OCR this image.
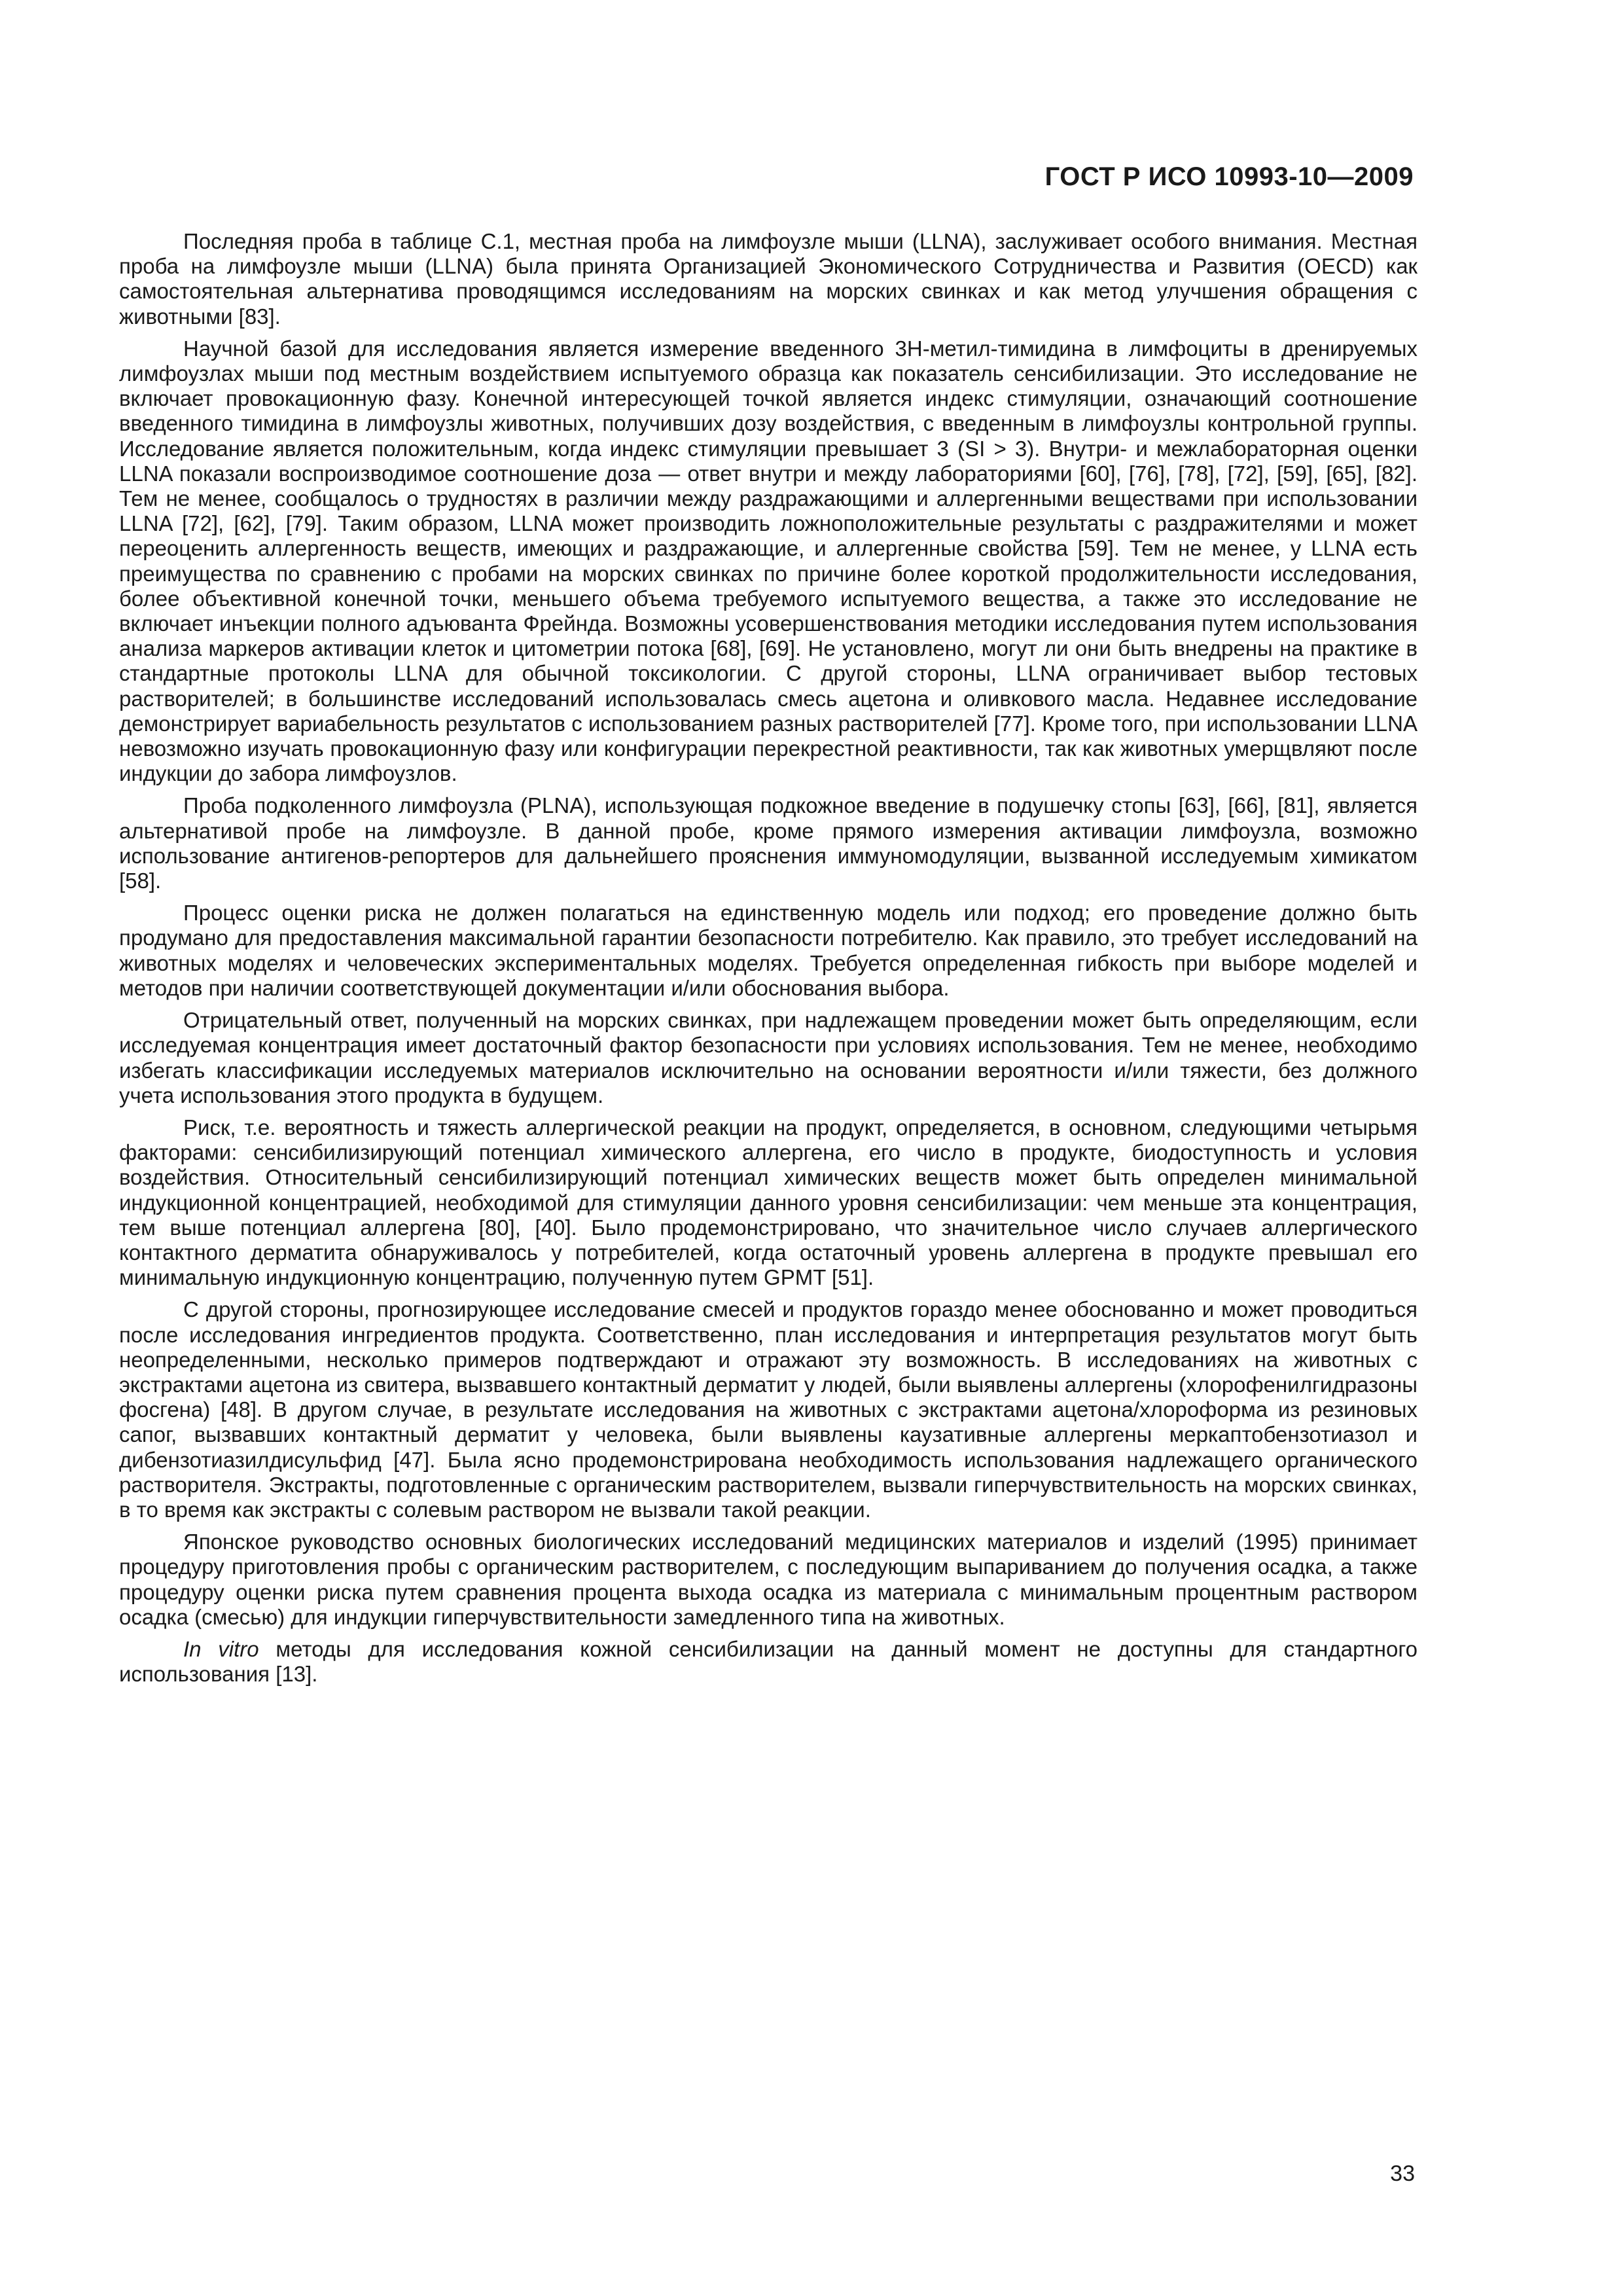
ГОСТ Р ИСО 10993-10—2009

Последняя проба в таблице С.1, местная проба на лимфоузле мыши (LLNA), заслуживает особого внимания. Местная проба на лимфоузле мыши (LLNA) была принята Организацией Экономического Сотрудничества и Развития (OECD) как самостоятельная альтернатива проводящимся исследованиям на морских свинках и как метод улучшения обращения с животными [83].

Научной базой для исследования является измерение введенного 3Н-метил-тимидина в лимфоциты в дренируемых лимфоузлах мыши под местным воздействием испытуемого образца как показатель сенсибилизации. Это исследование не включает провокационную фазу. Конечной интересующей точкой является индекс стимуляции, означающий соотношение введенного тимидина в лимфоузлы животных, получивших дозу воздействия, с введенным в лимфоузлы контрольной группы. Исследование является положительным, когда индекс стимуляции превышает 3 (SI > 3). Внутри- и межлабораторная оценки LLNA показали воспроизводимое соотношение доза — ответ внутри и между лабораториями [60], [76], [78], [72], [59], [65], [82]. Тем не менее, сообщалось о трудностях в различии между раздражающими и аллергенными веществами при использовании LLNA [72], [62], [79]. Таким образом, LLNA может производить ложноположительные результаты с раздражителями и может переоценить аллергенность веществ, имеющих и раздражающие, и аллергенные свойства [59]. Тем не менее, у LLNA есть преимущества по сравнению с пробами на морских свинках по причине более короткой продолжительности исследования, более объективной конечной точки, меньшего объема требуемого испытуемого вещества, а также это исследование не включает инъекции полного адъюванта Фрейнда. Возможны усовершенствования методики исследования путем использования анализа маркеров активации клеток и цитометрии потока [68], [69]. Не установлено, могут ли они быть внедрены на практике в стандартные протоколы LLNA для обычной токсикологии. С другой стороны, LLNA ограничивает выбор тестовых растворителей; в большинстве исследований использовалась смесь ацетона и оливкового масла. Недавнее исследование демонстрирует вариабельность результатов с использованием разных растворителей [77]. Кроме того, при использовании LLNA невозможно изучать провокационную фазу или конфигурации перекрестной реактивности, так как животных умерщвляют после индукции до забора лимфоузлов.

Проба подколенного лимфоузла (PLNA), использующая подкожное введение в подушечку стопы [63], [66], [81], является альтернативой пробе на лимфоузле. В данной пробе, кроме прямого измерения активации лимфоузла, возможно использование антигенов-репортеров для дальнейшего прояснения иммуномодуляции, вызванной исследуемым химикатом [58].

Процесс оценки риска не должен полагаться на единственную модель или подход; его проведение должно быть продумано для предоставления максимальной гарантии безопасности потребителю. Как правило, это требует исследований на животных моделях и человеческих экспериментальных моделях. Требуется определенная гибкость при выборе моделей и методов при наличии соответствующей документации и/или обоснования выбора.

Отрицательный ответ, полученный на морских свинках, при надлежащем проведении может быть определяющим, если исследуемая концентрация имеет достаточный фактор безопасности при условиях использования. Тем не менее, необходимо избегать классификации исследуемых материалов исключительно на основании вероятности и/или тяжести, без должного учета использования этого продукта в будущем.

Риск, т.е. вероятность и тяжесть аллергической реакции на продукт, определяется, в основном, следующими четырьмя факторами: сенсибилизирующий потенциал химического аллергена, его число в продукте, биодоступность и условия воздействия. Относительный сенсибилизирующий потенциал химических веществ может быть определен минимальной индукционной концентрацией, необходимой для стимуляции данного уровня сенсибилизации: чем меньше эта концентрация, тем выше потенциал аллергена [80], [40]. Было продемонстрировано, что значительное число случаев аллергического контактного дерматита обнаруживалось у потребителей, когда остаточный уровень аллергена в продукте превышал его минимальную индукционную концентрацию, полученную путем GPMT [51].

С другой стороны, прогнозирующее исследование смесей и продуктов гораздо менее обоснованно и может проводиться после исследования ингредиентов продукта. Соответственно, план исследования и интерпретация результатов могут быть неопределенными, несколько примеров подтверждают и отражают эту возможность. В исследованиях на животных с экстрактами ацетона из свитера, вызвавшего контактный дерматит у людей, были выявлены аллергены (хлорофенилгидразоны фосгена) [48]. В другом случае, в результате исследования на животных с экстрактами ацетона/хлороформа из резиновых сапог, вызвавших контактный дерматит у человека, были выявлены каузативные аллергены меркаптобензотиазол и дибензотиазилдисульфид [47]. Была ясно продемонстрирована необходимость использования надлежащего органического растворителя. Экстракты, подготовленные с органическим растворителем, вызвали гиперчувствительность на морских свинках, в то время как экстракты с солевым раствором не вызвали такой реакции.

Японское руководство основных биологических исследований медицинских материалов и изделий (1995) принимает процедуру приготовления пробы с органическим растворителем, с последующим выпариванием до получения осадка, а также процедуру оценки риска путем сравнения процента выхода осадка из материала с минимальным процентным раствором осадка (смесью) для индукции гиперчувствительности замедленного типа на животных.

In vitro методы для исследования кожной сенсибилизации на данный момент не доступны для стандартного использования [13].

33
